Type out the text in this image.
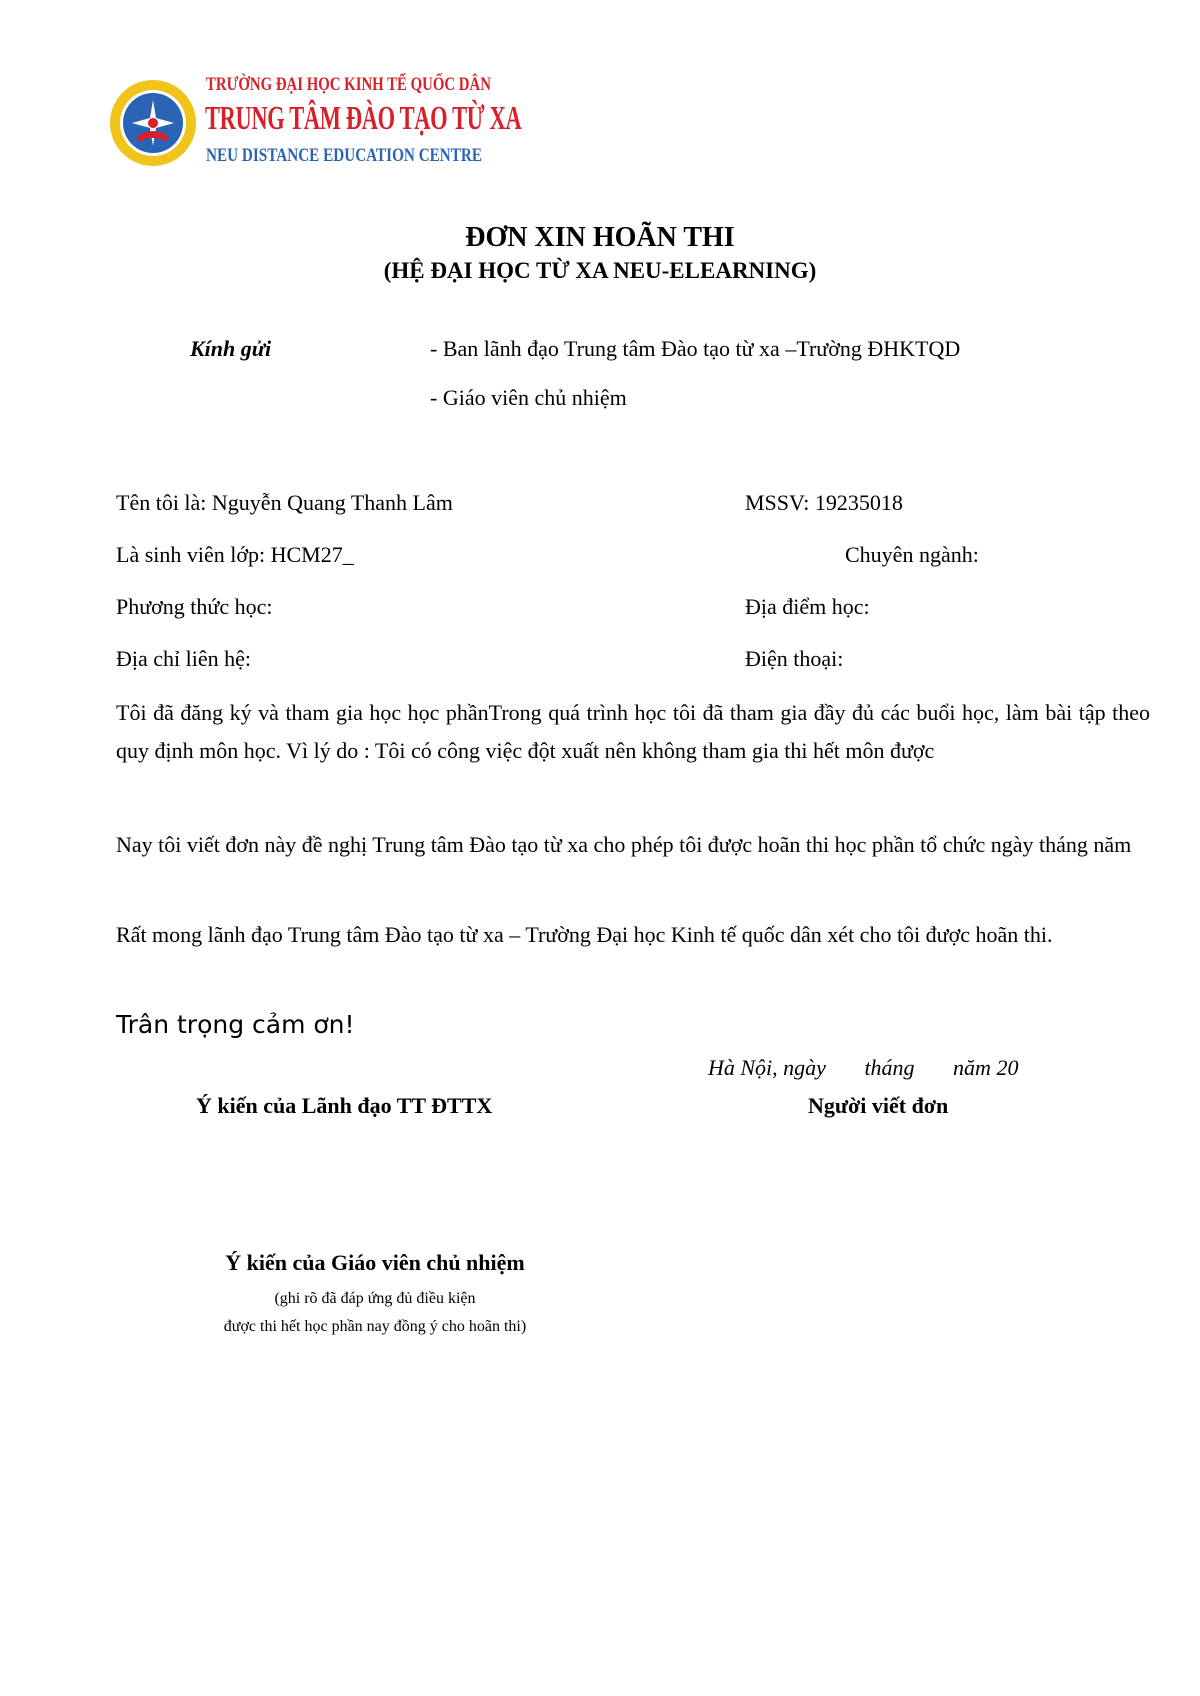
TRƯỜNG ĐẠI HỌC KINH TẾ QUỐC DÂN
TRUNG TÂM ĐÀO TẠO TỪ XA
NEU DISTANCE EDUCATION CENTRE
ĐƠN XIN HOÃN THI
(HỆ ĐẠI HỌC TỪ XA NEU-ELEARNING)
Kính gửi	- Ban lãnh đạo Trung tâm Đào tạo từ xa –Trường ĐHKTQD
- Giáo viên chủ nhiệm
Tên tôi là: Nguyễn Quang Thanh Lâm	MSSV: 19235018
Là sinh viên lớp: HCM27_	Chuyên ngành:
Phương thức học:	Địa điểm học:
Địa chỉ liên hệ:	Điện thoại:
Tôi đã đăng ký và tham gia học học phầnTrong quá trình học tôi đã tham gia đầy đủ các buổi học, làm bài tập theo quy định môn học. Vì lý do : Tôi có công việc đột xuất nên không tham gia thi hết môn được
Nay tôi viết đơn này đề nghị Trung tâm Đào tạo từ xa cho phép tôi được hoãn thi học phần tổ chức ngày tháng năm
Rất mong lãnh đạo Trung tâm Đào tạo từ xa – Trường Đại học Kinh tế quốc dân xét cho tôi được hoãn thi.
Trân trọng cảm ơn!
Hà Nội, ngày       tháng       năm 20
Ý kiến của Lãnh đạo TT ĐTTX	Người viết đơn
Ý kiến của Giáo viên chủ nhiệm
(ghi rõ đã đáp ứng đủ điều kiện
được thi hết học phần nay đồng ý cho hoãn thi)
